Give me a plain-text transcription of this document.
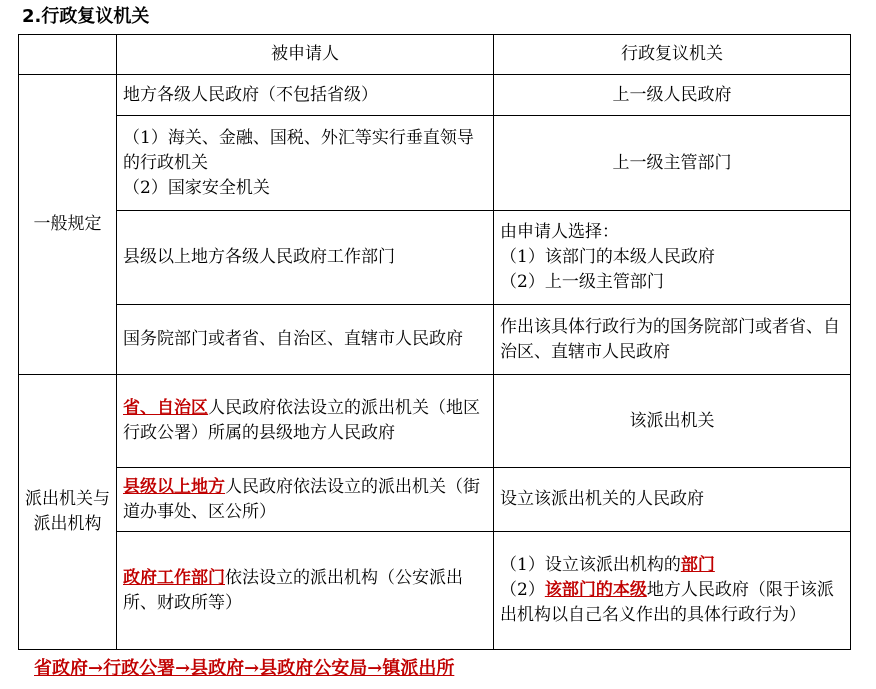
2.行政复议机关
	被申请人	行政复议机关
一般规定	地方各级人民政府（不包括省级）	上一级人民政府

	（1）海关、金融、国税、外汇等实行垂直领导的行政机关
（2）国家安全机关	上一级主管部门
	县级以上地方各级人民政府工作部门	由申请人选择：
（1）该部门的本级人民政府
（2）上一级主管部门

	国务院部门或者省、自治区、直辖市人民政府	作出该具体行政行为的国务院部门或者省、自治区、直辖市人民政府
派出机关与派出机构	省、自治区人民政府依法设立的派出机关（地区行政公署）所属的县级地方人民政府	该派出机关
	县级以上地方人民政府依法设立的派出机关（街道办事处、区公所）	设立该派出机关的人民政府
	政府工作部门依法设立的派出机构（公安派出所、财政所等）	（1）设立该派出机构的部门
（2）该部门的本级地方人民政府（限于该派出机构以自己名义作出的具体行政行为）
省政府→行政公署→县政府→县政府公安局→镇派出所
